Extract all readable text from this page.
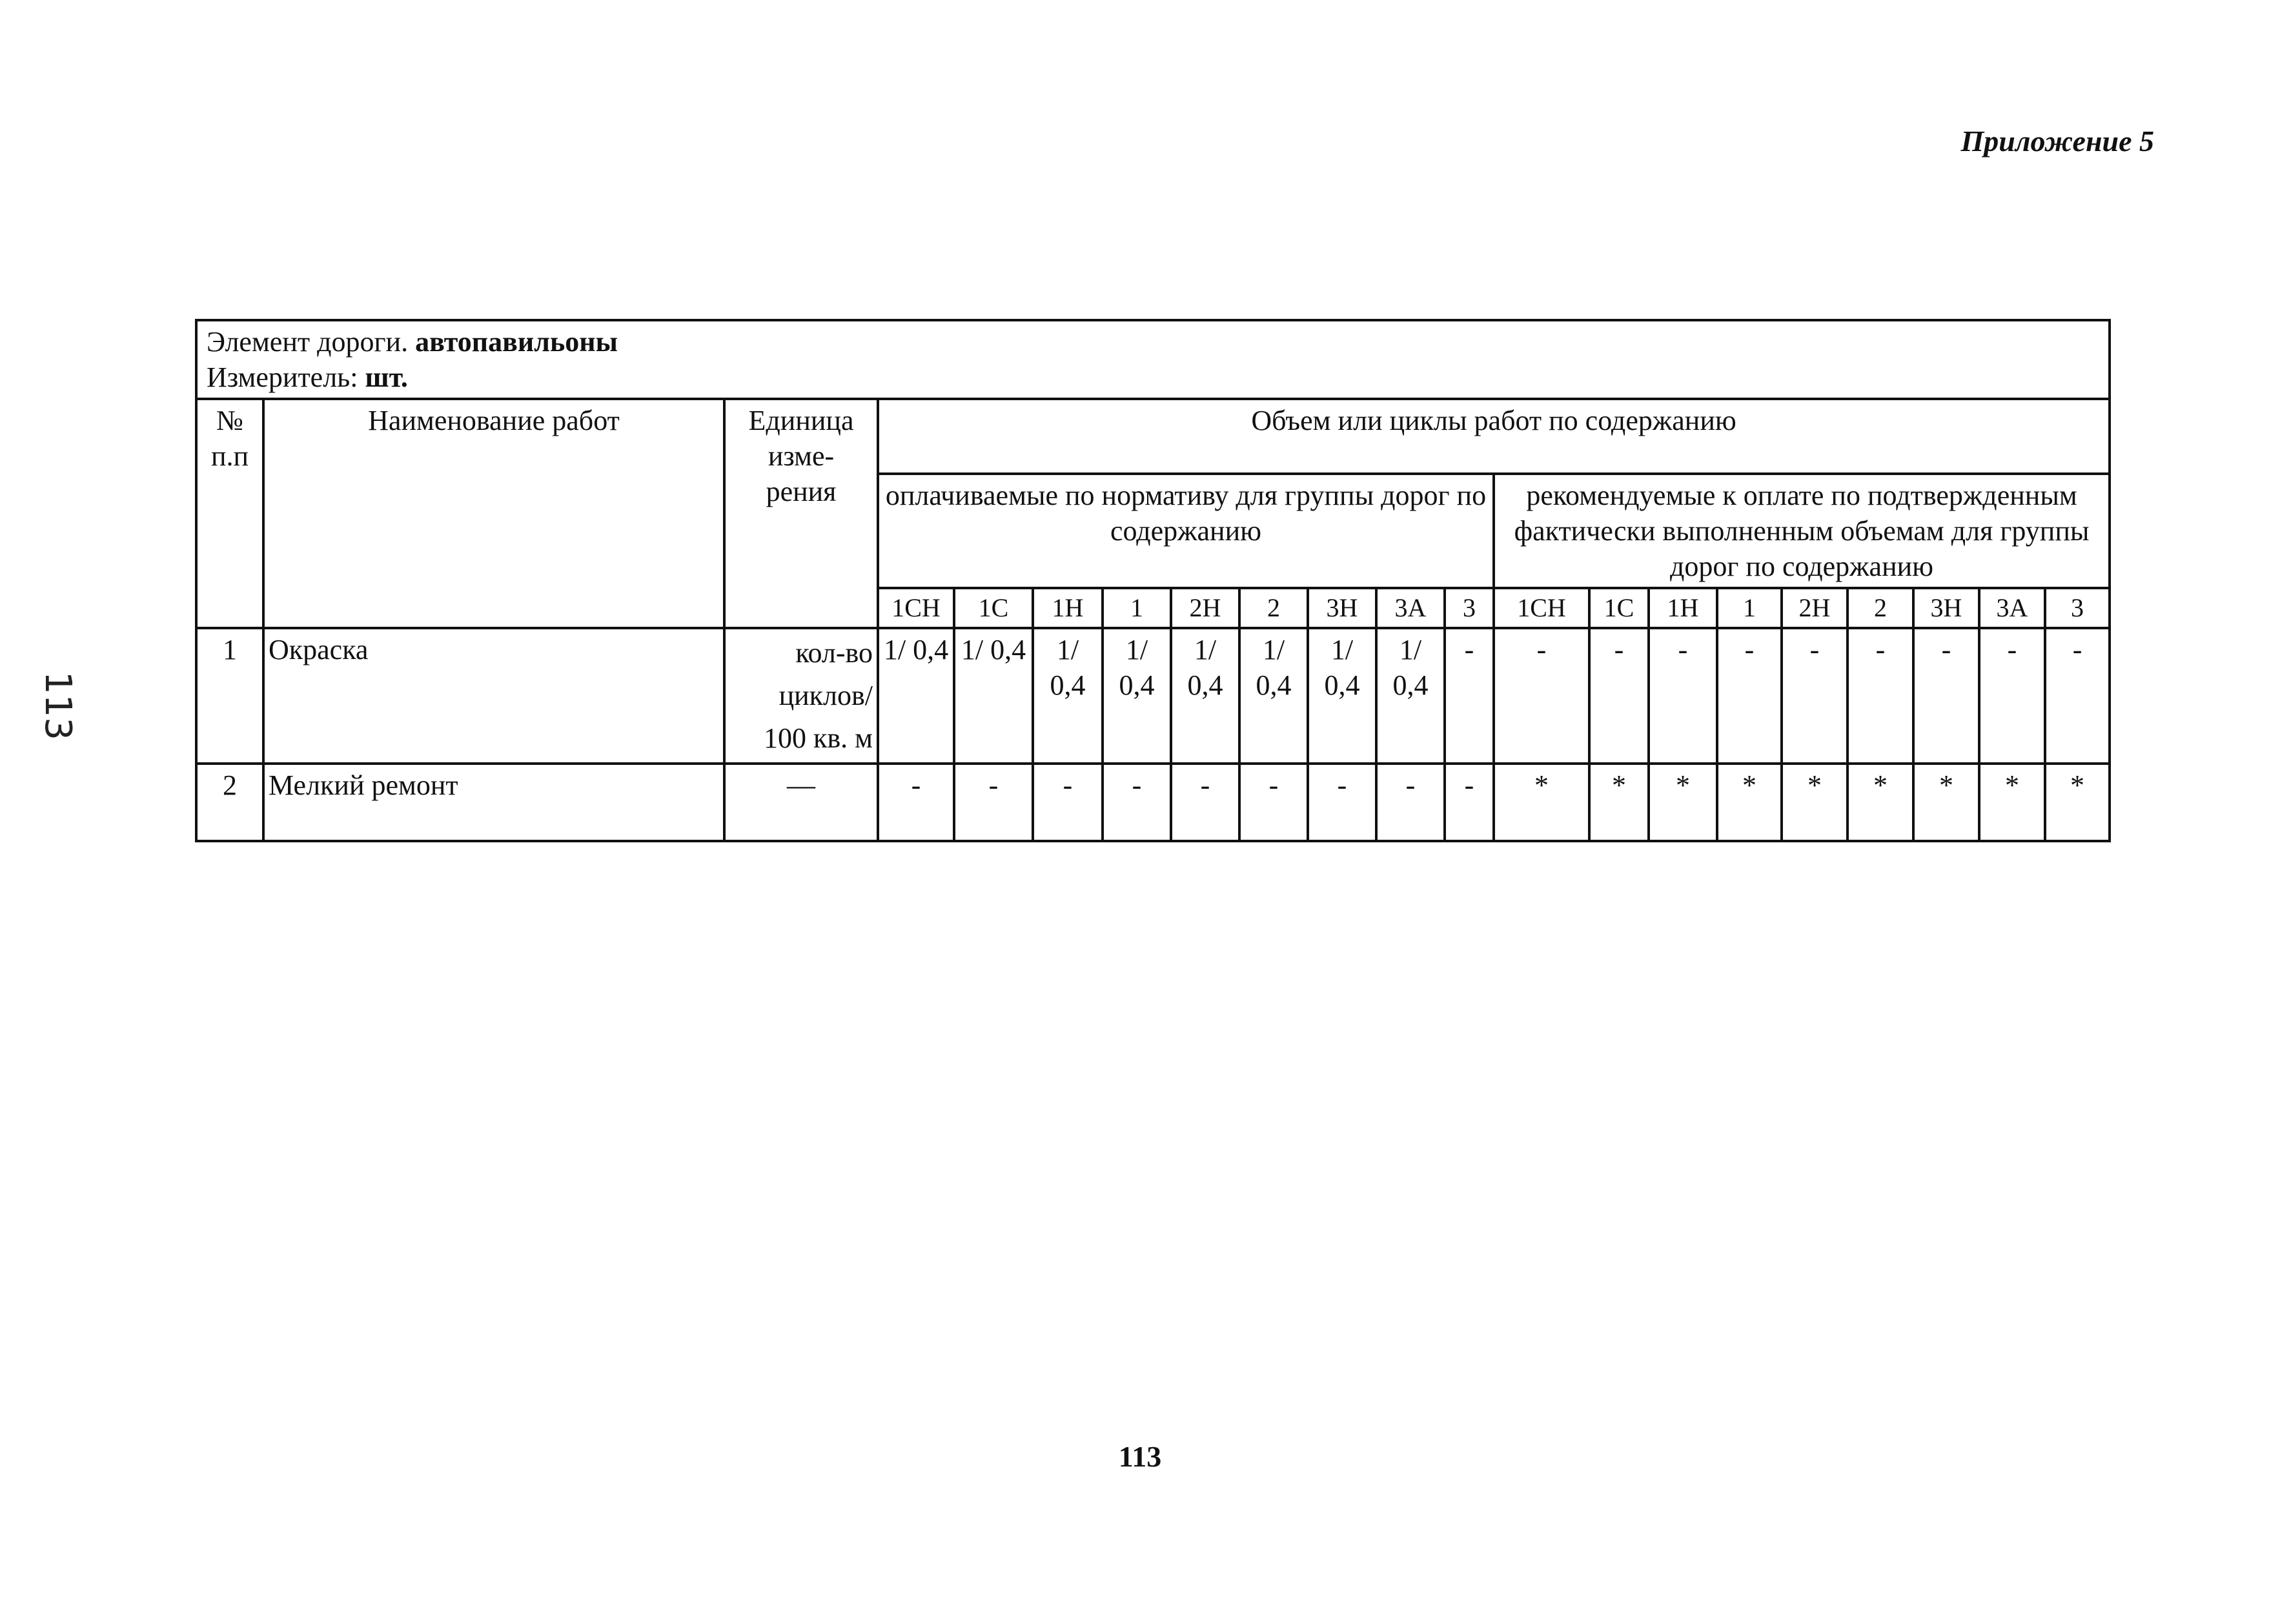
Приложение 5
113
Элемент дороги. автопавильоны
Измеритель: шт.																				

№ п.п	Наименование работ	Единица изме- рения	Объем или циклы работ по содержанию																	
			оплачиваемые по нормативу для группы дорог по содержанию									рекомендуемые к оплате по подтвержденным фактически выполненным объемам для группы дорог по содержанию								
			1СН	1С	1Н	1	2Н	2	3Н	3А	3	1СН	1С	1Н	1	2Н	2	3Н	3А	3
1	Окраска	кол-во циклов/ 100 кв. м	1/ 0,4	1/ 0,4	1/ 0,4	1/ 0,4	1/ 0,4	1/ 0,4	1/ 0,4	1/ 0,4	-	-	-	-	-	-	-	-	-	-
2	Мелкий ремонт	—	-	-	-	-	-	-	-	-	-	*	*	*	*	*	*	*	*	*
113
